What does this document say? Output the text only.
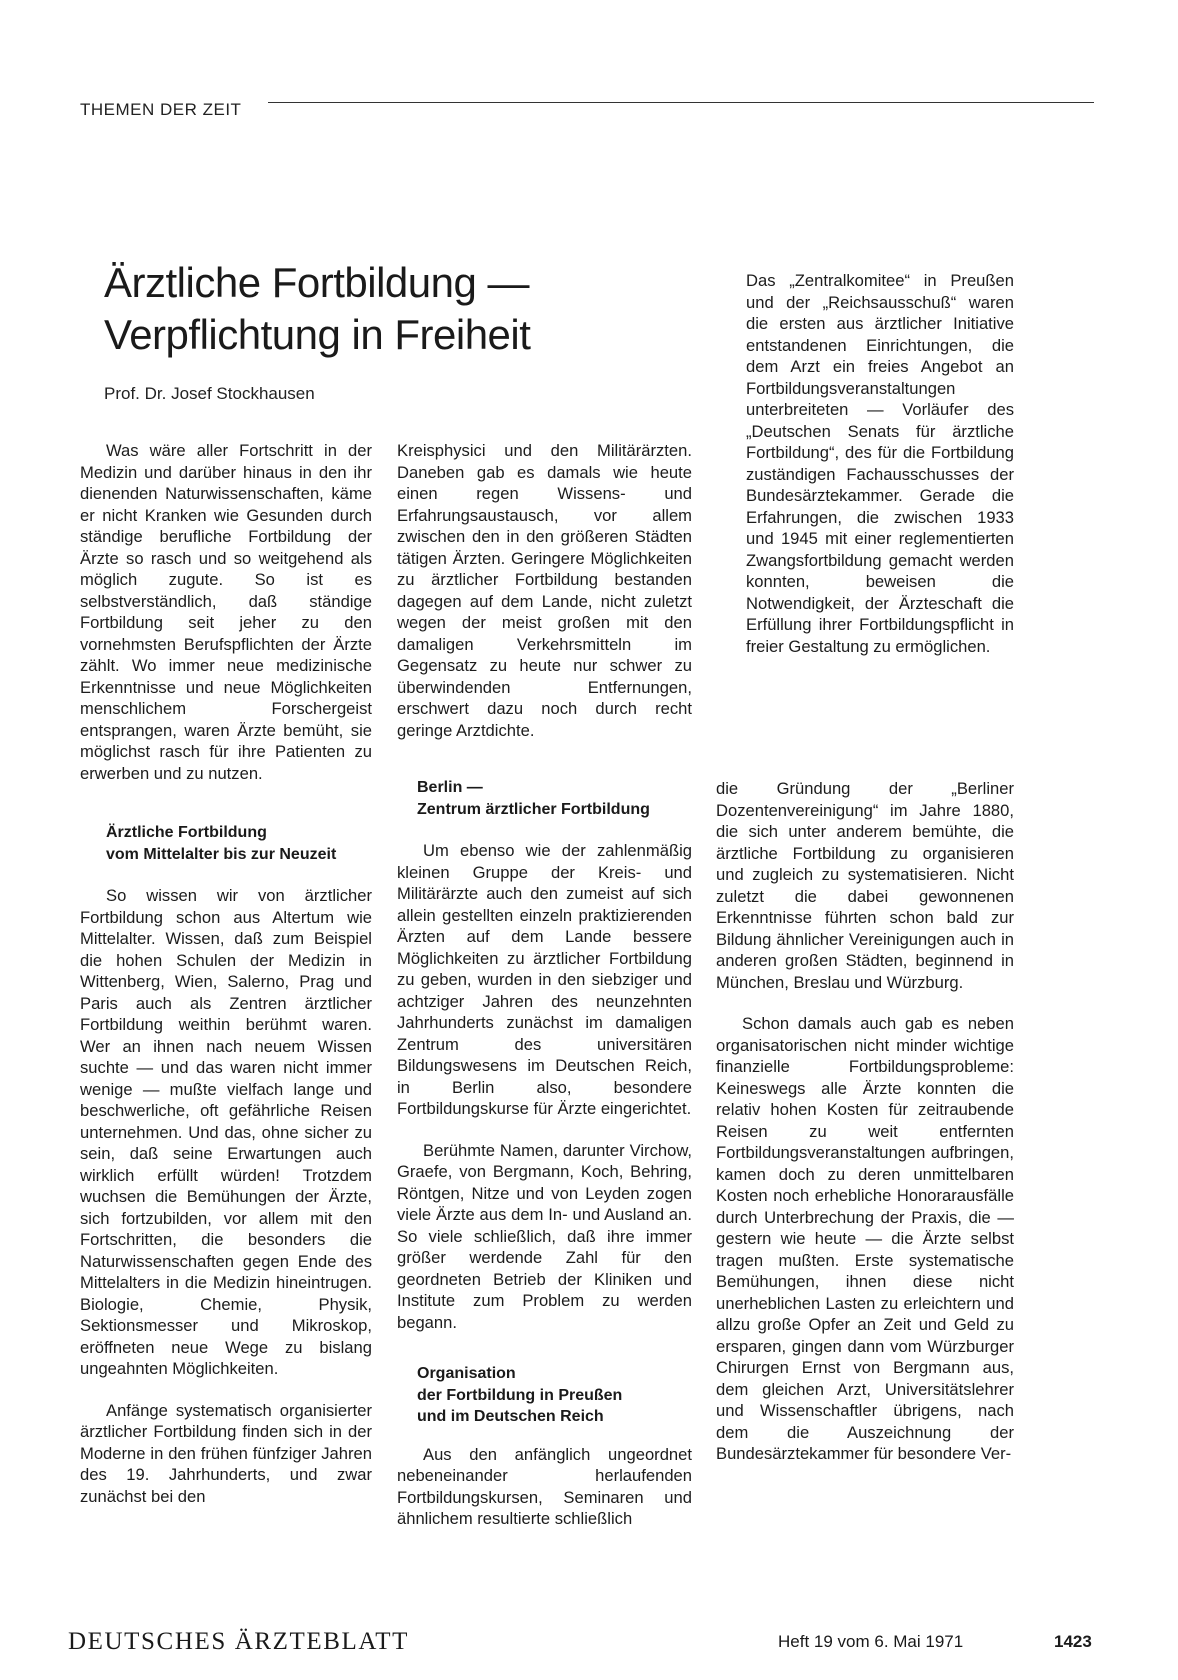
THEMEN DER ZEIT
Ärztliche Fortbildung —
Verpflichtung in Freiheit
Prof. Dr. Josef Stockhausen

Was wäre aller Fortschritt in der Medizin und darüber hinaus in den ihr dienenden Naturwissenschaften, käme er nicht Kranken wie Gesunden durch ständige berufliche Fortbildung der Ärzte so rasch und so weitgehend als möglich zugute. So ist es selbstverständlich, daß ständige Fortbildung seit jeher zu den vornehmsten Berufspflichten der Ärzte zählt. Wo immer neue medizinische Erkenntnisse und neue Möglichkeiten menschlichem Forschergeist entsprangen, waren Ärzte bemüht, sie möglichst rasch für ihre Patienten zu erwerben und zu nutzen.

Ärztliche Fortbildung
vom Mittelalter bis zur Neuzeit

So wissen wir von ärztlicher Fortbildung schon aus Altertum wie Mittelalter. Wissen, daß zum Beispiel die hohen Schulen der Medizin in Wittenberg, Wien, Salerno, Prag und Paris auch als Zentren ärztlicher Fortbildung weithin berühmt waren. Wer an ihnen nach neuem Wissen suchte — und das waren nicht immer wenige — mußte vielfach lange und beschwerliche, oft gefährliche Reisen unternehmen. Und das, ohne sicher zu sein, daß seine Erwartungen auch wirklich erfüllt würden! Trotzdem wuchsen die Bemühungen der Ärzte, sich fortzubilden, vor allem mit den Fortschritten, die besonders die Naturwissenschaften gegen Ende des Mittelalters in die Medizin hineintrugen. Biologie, Chemie, Physik, Sektionsmesser und Mikroskop, eröffneten neue Wege zu bislang ungeahnten Möglichkeiten.

Anfänge systematisch organisierter ärztlicher Fortbildung finden sich in der Moderne in den frühen fünfziger Jahren des 19. Jahrhunderts, und zwar zunächst bei den

Kreisphysici und den Militärärzten. Daneben gab es damals wie heute einen regen Wissens- und Erfahrungsaustausch, vor allem zwischen den in den größeren Städten tätigen Ärzten. Geringere Möglichkeiten zu ärztlicher Fortbildung bestanden dagegen auf dem Lande, nicht zuletzt wegen der meist großen mit den damaligen Verkehrsmitteln im Gegensatz zu heute nur schwer zu überwindenden Entfernungen, erschwert dazu noch durch recht geringe Arztdichte.

Berlin —
Zentrum ärztlicher Fortbildung

Um ebenso wie der zahlenmäßig kleinen Gruppe der Kreis- und Militärärzte auch den zumeist auf sich allein gestellten einzeln praktizierenden Ärzten auf dem Lande bessere Möglichkeiten zu ärztlicher Fortbildung zu geben, wurden in den siebziger und achtziger Jahren des neunzehnten Jahrhunderts zunächst im damaligen Zentrum des universitären Bildungswesens im Deutschen Reich, in Berlin also, besondere Fortbildungskurse für Ärzte eingerichtet.

Berühmte Namen, darunter Virchow, Graefe, von Bergmann, Koch, Behring, Röntgen, Nitze und von Leyden zogen viele Ärzte aus dem In- und Ausland an. So viele schließlich, daß ihre immer größer werdende Zahl für den geordneten Betrieb der Kliniken und Institute zum Problem zu werden begann.

Organisation
der Fortbildung in Preußen
und im Deutschen Reich

Aus den anfänglich ungeordnet nebeneinander herlaufenden Fortbildungskursen, Seminaren und ähnlichem resultierte schließlich

Das „Zentralkomitee“ in Preußen und der „Reichsausschuß“ waren die ersten aus ärztlicher Initiative entstandenen Einrichtungen, die dem Arzt ein freies Angebot an Fortbildungsveranstaltungen unterbreiteten — Vorläufer des „Deutschen Senats für ärztliche Fortbildung“, des für die Fortbildung zuständigen Fachausschusses der Bundesärztekammer. Gerade die Erfahrungen, die zwischen 1933 und 1945 mit einer reglementierten Zwangsfortbildung gemacht werden konnten, beweisen die Notwendigkeit, der Ärzteschaft die Erfüllung ihrer Fortbildungspflicht in freier Gestaltung zu ermöglichen.

die Gründung der „Berliner Dozentenvereinigung“ im Jahre 1880, die sich unter anderem bemühte, die ärztliche Fortbildung zu organisieren und zugleich zu systematisieren. Nicht zuletzt die dabei gewonnenen Erkenntnisse führten schon bald zur Bildung ähnlicher Vereinigungen auch in anderen großen Städten, beginnend in München, Breslau und Würzburg.

Schon damals auch gab es neben organisatorischen nicht minder wichtige finanzielle Fortbildungsprobleme: Keineswegs alle Ärzte konnten die relativ hohen Kosten für zeitraubende Reisen zu weit entfernten Fortbildungsveranstaltungen aufbringen, kamen doch zu deren unmittelbaren Kosten noch erhebliche Honorarausfälle durch Unterbrechung der Praxis, die — gestern wie heute — die Ärzte selbst tragen mußten. Erste systematische Bemühungen, ihnen diese nicht unerheblichen Lasten zu erleichtern und allzu große Opfer an Zeit und Geld zu ersparen, gingen dann vom Würzburger Chirurgen Ernst von Bergmann aus, dem gleichen Arzt, Universitätslehrer und Wissenschaftler übrigens, nach dem die Auszeichnung der Bundesärztekammer für besondere Ver-

DEUTSCHES ÄRZTEBLATT	Heft 19 vom 6. Mai 1971	1423
